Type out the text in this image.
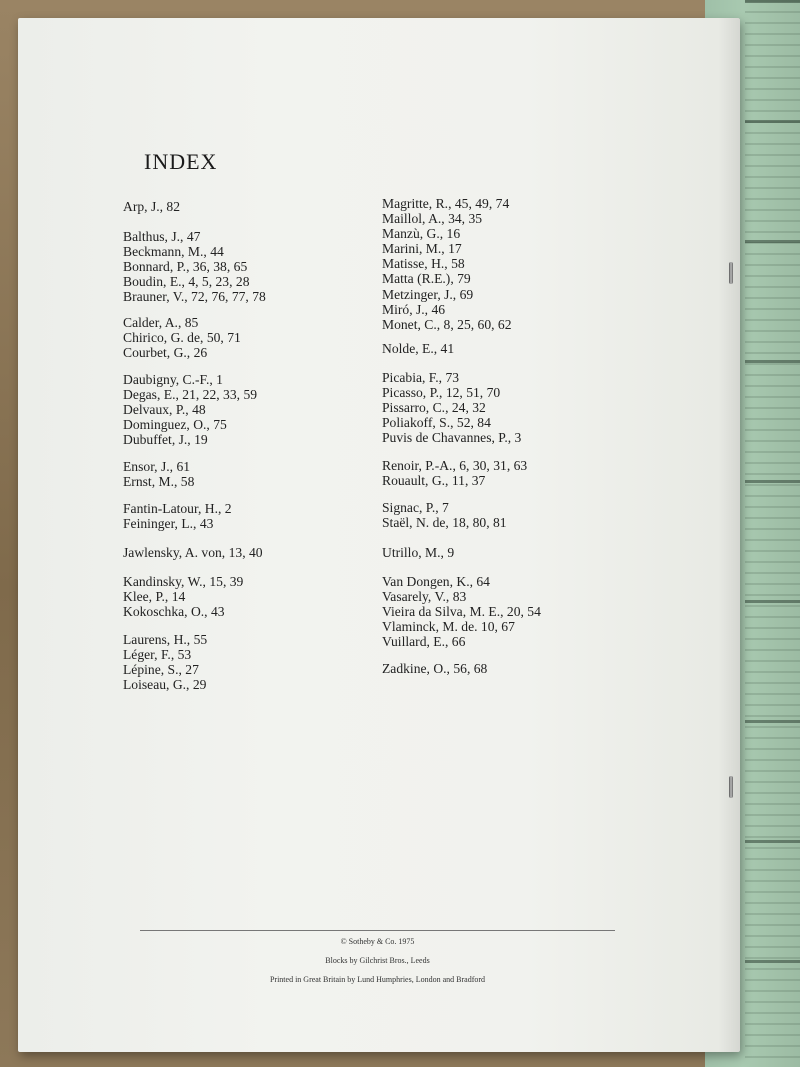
INDEX
Arp, J., 82
Balthus, J., 47
Beckmann, M., 44
Bonnard, P., 36, 38, 65
Boudin, E., 4, 5, 23, 28
Brauner, V., 72, 76, 77, 78
Calder, A., 85
Chirico, G. de, 50, 71
Courbet, G., 26
Daubigny, C.-F., 1
Degas, E., 21, 22, 33, 59
Delvaux, P., 48
Dominguez, O., 75
Dubuffet, J., 19
Ensor, J., 61
Ernst, M., 58
Fantin-Latour, H., 2
Feininger, L., 43
Jawlensky, A. von, 13, 40
Kandinsky, W., 15, 39
Klee, P., 14
Kokoschka, O., 43
Laurens, H., 55
Léger, F., 53
Lépine, S., 27
Loiseau, G., 29
Magritte, R., 45, 49, 74
Maillol, A., 34, 35
Manzù, G., 16
Marini, M., 17
Matisse, H., 58
Matta (R.E.), 79
Metzinger, J., 69
Miró, J., 46
Monet, C., 8, 25, 60, 62
Nolde, E., 41
Picabia, F., 73
Picasso, P., 12, 51, 70
Pissarro, C., 24, 32
Poliakoff, S., 52, 84
Puvis de Chavannes, P., 3
Renoir, P.-A., 6, 30, 31, 63
Rouault, G., 11, 37
Signac, P., 7
Staël, N. de, 18, 80, 81
Utrillo, M., 9
Van Dongen, K., 64
Vasarely, V., 83
Vieira da Silva, M. E., 20, 54
Vlaminck, M. de. 10, 67
Vuillard, E., 66
Zadkine, O., 56, 68
© Sotheby & Co. 1975
Blocks by Gilchrist Bros., Leeds
Printed in Great Britain by Lund Humphries, London and Bradford
